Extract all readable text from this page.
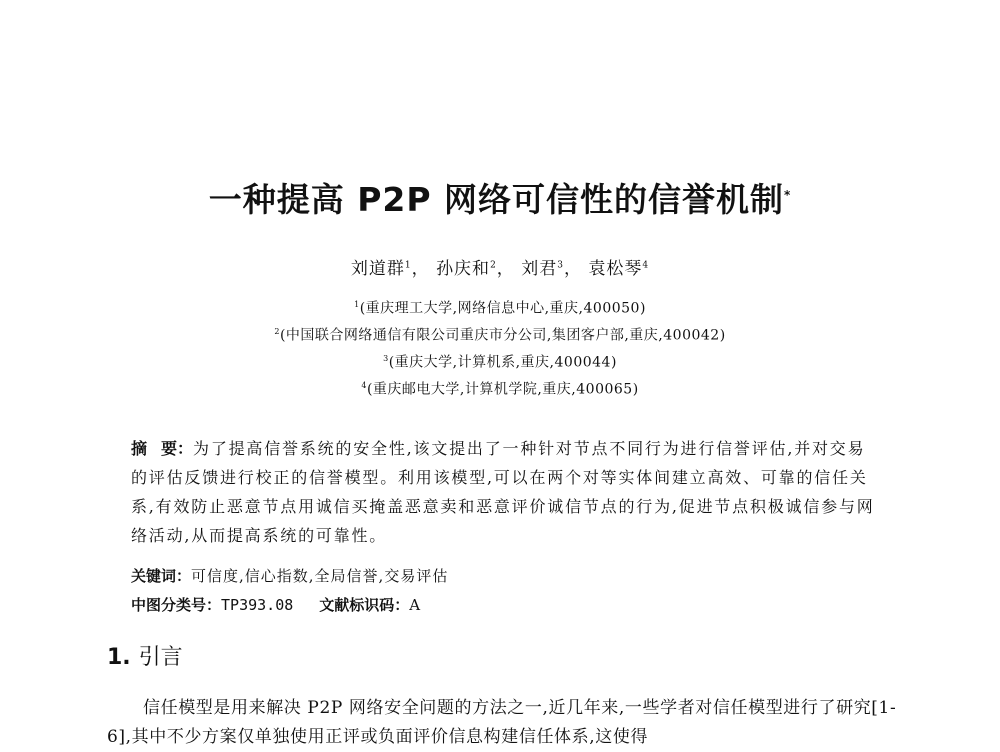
一种提高 P2P 网络可信性的信誉机制*
刘道群$^1$， 孙庆和$^2$， 刘君$^3$， 袁松琴$^4$
$^1$(重庆理工大学,网络信息中心,重庆,400050)
$^2$(中国联合网络通信有限公司重庆市分公司,集团客户部,重庆,400042)
$^3$(重庆大学,计算机系,重庆,400044)
$^4$(重庆邮电大学,计算机学院,重庆,400065)
摘 要：为了提高信誉系统的安全性,该文提出了一种针对节点不同行为进行信誉评估,并对交易的评估反馈进行校正的信誉模型。利用该模型,可以在两个对等实体间建立高效、可靠的信任关系,有效防止恶意节点用诚信买掩盖恶意卖和恶意评价诚信节点的行为,促进节点积极诚信参与网络活动,从而提高系统的可靠性。
关键词：可信度,信心指数,全局信誉,交易评估
中图分类号：TP393.08 文献标识码：A
1. 引言
信任模型是用来解决 P2P 网络安全问题的方法之一,近几年来,一些学者对信任模型进行了研究[1-6],其中不少方案仅单独使用正评或负面评价信息构建信任体系,这使得
